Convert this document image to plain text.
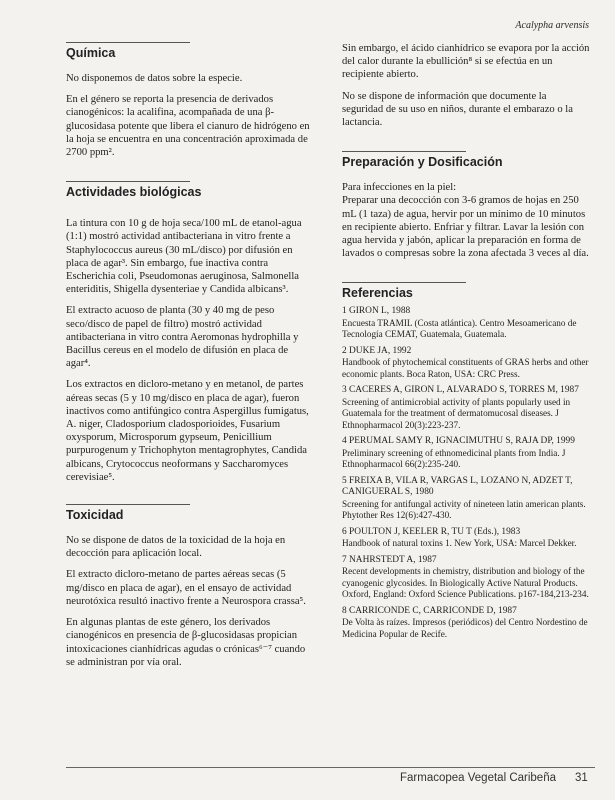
Acalypha arvensis
Química

No disponemos de datos sobre la especie.

En el género se reporta la presencia de derivados cianogénicos: la acalifina, acompañada de una β-glucosidasa potente que libera el cianuro de hidrógeno en la hoja se encuentra en una concentración aproximada de 2700 ppm².

Actividades biológicas

La tintura con 10 g de hoja seca/100 mL de etanol-agua (1:1) mostró actividad antibacteriana in vitro frente a Staphylococcus aureus (30 mL/disco) por difusión en placa de agar³. Sin embargo, fue inactiva contra Escherichia coli, Pseudomonas aeruginosa, Salmonella enteriditis, Shigella dysenteriae y Candida albicans³.

El extracto acuoso de planta (30 y 40 mg de peso seco/disco de papel de filtro) mostró actividad antibacteriana in vitro contra Aeromonas hydrophilla y Bacillus cereus en el modelo de difusión en placa de agar⁴.

Los extractos en dicloro-metano y en metanol, de partes aéreas secas (5 y 10 mg/disco en placa de agar), fueron inactivos como antifúngico contra Aspergillus fumigatus, A. niger, Cladosporium cladosporioides, Fusarium oxysporum, Microsporum gypseum, Penicillium purpurogenum y Trichophyton mentagrophytes, Candida albicans, Crytococcus neoformans y Saccharomyces cerevisiae⁵.

Toxicidad

No se dispone de datos de la toxicidad de la hoja en decocción para aplicación local.

El extracto dicloro-metano de partes aéreas secas (5 mg/disco en placa de agar), en el ensayo de actividad neurotóxica resultó inactivo frente a Neurospora crassa⁵.

En algunas plantas de este género, los derivados cianogénicos en presencia de β-glucosidasas propician intoxicaciones cianhídricas agudas o crónicas⁶⁻⁷ cuando se administran por vía oral.

Sin embargo, el ácido cianhídrico se evapora por la acción del calor durante la ebullición⁸ si se efectúa en un recipiente abierto.

No se dispone de información que documente la seguridad de su uso en niños, durante el embarazo o la lactancia.

Preparación y Dosificación

Para infecciones en la piel:

Preparar una decocción con 3-6 gramos de hojas en 250 mL (1 taza) de agua, hervir por un mínimo de 10 minutos en recipiente abierto. Enfriar y filtrar. Lavar la lesión con agua hervida y jabón, aplicar la preparación en forma de lavados o compresas sobre la zona afectada 3 veces al día.

Referencias

1 GIRON L, 1988

Encuesta TRAMIL (Costa atlántica). Centro Mesoamericano de Tecnología CEMAT, Guatemala, Guatemala.

2 DUKE JA, 1992

Handbook of phytochemical constituents of GRAS herbs and other economic plants. Boca Raton, USA: CRC Press.

3 CACERES A, GIRON L, ALVARADO S, TORRES M, 1987

Screening of antimicrobial activity of plants popularly used in Guatemala for the treatment of dermatomucosal diseases. J Ethnopharmacol 20(3):223-237.

4 PERUMAL SAMY R, IGNACIMUTHU S, RAJA DP, 1999

Preliminary screening of ethnomedicinal plants from India. J Ethnopharmacol 66(2):235-240.

5 FREIXA B, VILA R, VARGAS L, LOZANO N, ADZET T, CANIGUERAL S, 1980

Screening for antifungal activity of nineteen latin american plants. Phytother Res 12(6):427-430.

6 POULTON J, KEELER R, TU T (Eds.), 1983

Handbook of natural toxins 1. New York, USA: Marcel Dekker.

7 NAHRSTEDT A, 1987

Recent developments in chemistry, distribution and biology of the cyanogenic glycosides. In Biologically Active Natural Products. Oxford, England: Oxford Science Publications. p167-184,213-234.

8 CARRICONDE C, CARRICONDE D, 1987

De Volta às raízes. Impresos (periódicos) del Centro Nordestino de Medicina Popular de Recife.

Farmacopea Vegetal Caribeña 31
